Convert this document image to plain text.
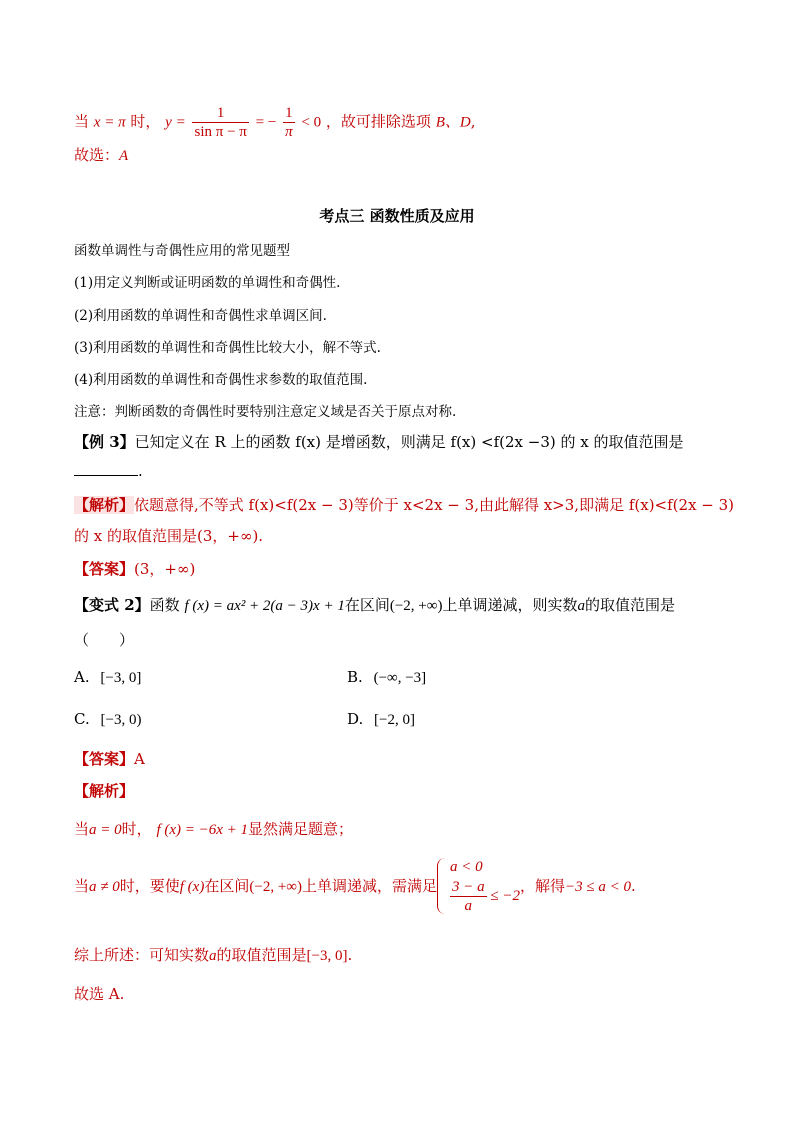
当 x = π 时， $y = \frac{1}{\text{sin π − π}}$ = − $\frac{1}{\pi} < 0$ ，故可排除选项 B、D,
故选：A
考点三 函数性质及应用
函数单调性与奇偶性应用的常见题型
(1)用定义判断或证明函数的单调性和奇偶性.
(2)利用函数的单调性和奇偶性求单调区间.
(3)利用函数的单调性和奇偶性比较大小，解不等式.
(4)利用函数的单调性和奇偶性求参数的取值范围.
注意：判断函数的奇偶性时要特别注意定义域是否关于原点对称.
【例 3】已知定义在 R 上的函数 f(x) 是增函数，则满足 f(x) <f(2x −3) 的 x 的取值范围是
.
【解析】依题意得,不等式 f(x)<f(2x − 3)等价于 x<2x − 3,由此解得 x>3,即满足 f(x)<f(2x − 3)
的 x 的取值范围是(3，+∞).
【答案】(3，+∞)
【变式 2】函数 f (x) = ax² + 2(a − 3)x + 1在区间(−2, +∞)上单调递减，则实数a的取值范围是
（　　）
A. [−3, 0]	B. (−∞, −3]
C. [−3, 0)	D. [−2, 0]
【答案】A
【解析】
当a = 0时， f (x) = −6x + 1显然满足题意；
当a ≠ 0时，要使f (x)在区间(−2, +∞)上单调递减，需满足
a < 0
$\frac{3 - a}{a} \le -2$
，解得−3 ≤ a < 0.
综上所述：可知实数a的取值范围是[−3, 0].
故选 A.
